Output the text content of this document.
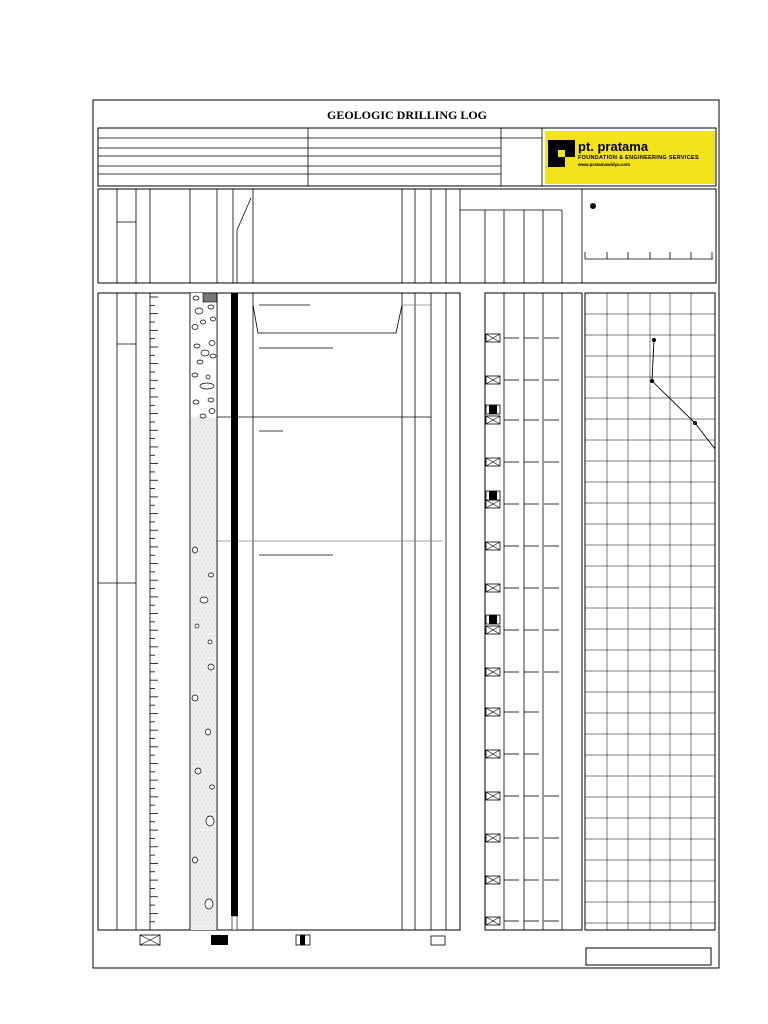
GEOLOGIC DRILLING LOG
pt. pratama widya
FOUNDATION & ENGINEERING SERVICES
www.pratamawidya.com
